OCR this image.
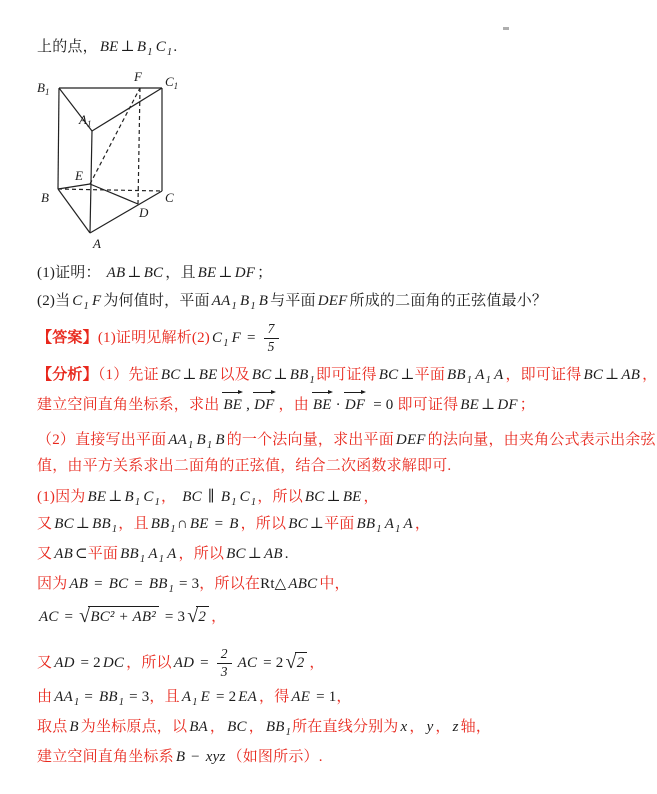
上的点， BE ⊥ $B_1$ $C_1$.
(1)证明： AB ⊥ BC ，且 BE ⊥ DF ；
(2)当 $C_1$ F 为何值时，平面 $AA_1$ $B_1$ B 与平面 DEF 所成的二面角的正弦值最小？
【答案】(1)证明见解析(2) $C_1$ $F = \frac{7}{5}$
【分析】（1）先证 BC ⊥ BE 以及 BC ⊥ $BB_1$即可证得 BC ⊥平面 $BB_1$ $A_1$ A ，即可证得 BC ⊥ AB ，
建立空间直角坐标系，求出 BE , DF ，由 BE · DF = 0 即可证得 BE ⊥ DF ；
（2）直接写出平面 $AA_1$ $B_1$ B 的一个法向量，求出平面 DEF 的法向量，由夹角公式表示出余弦
值，由平方关系求出二面角的正弦值，结合二次函数求解即可.
(1)因为 BE ⊥ $B_1$ $C_1$， BC ∥ $B_1$ $C_1$，所以 BC ⊥ BE ，
又 BC ⊥ $BB_1$，且 $BB_1\cap$ BE = B ，所以 BC ⊥平面 $BB_1$ $A_1$ A ，
又 AB ⊂平面 $BB_1$ $A_1$ A ，所以 BC ⊥ AB .
因为 AB = BC = $BB_1 = 3$，所以在Rt△ ABC 中，
AC = √BC² + AB² = 3 √2 ，
又 AD = 2 DC ，所以 AD = $\frac{2}{3}$ AC = 2 √2 ，
由 $AA_1 = BB_1 = 3$，且 $A_1$ E = 2 EA ，得 AE = 1，
取点 B 为坐标原点，以 BA ， BC ， $BB_1$所在直线分别为 x ， y ， z 轴，
建立空间直角坐标系 B − xyz （如图所示）.
$B_1$
F $C_1$
$A_1$
E
B	C
D
A
